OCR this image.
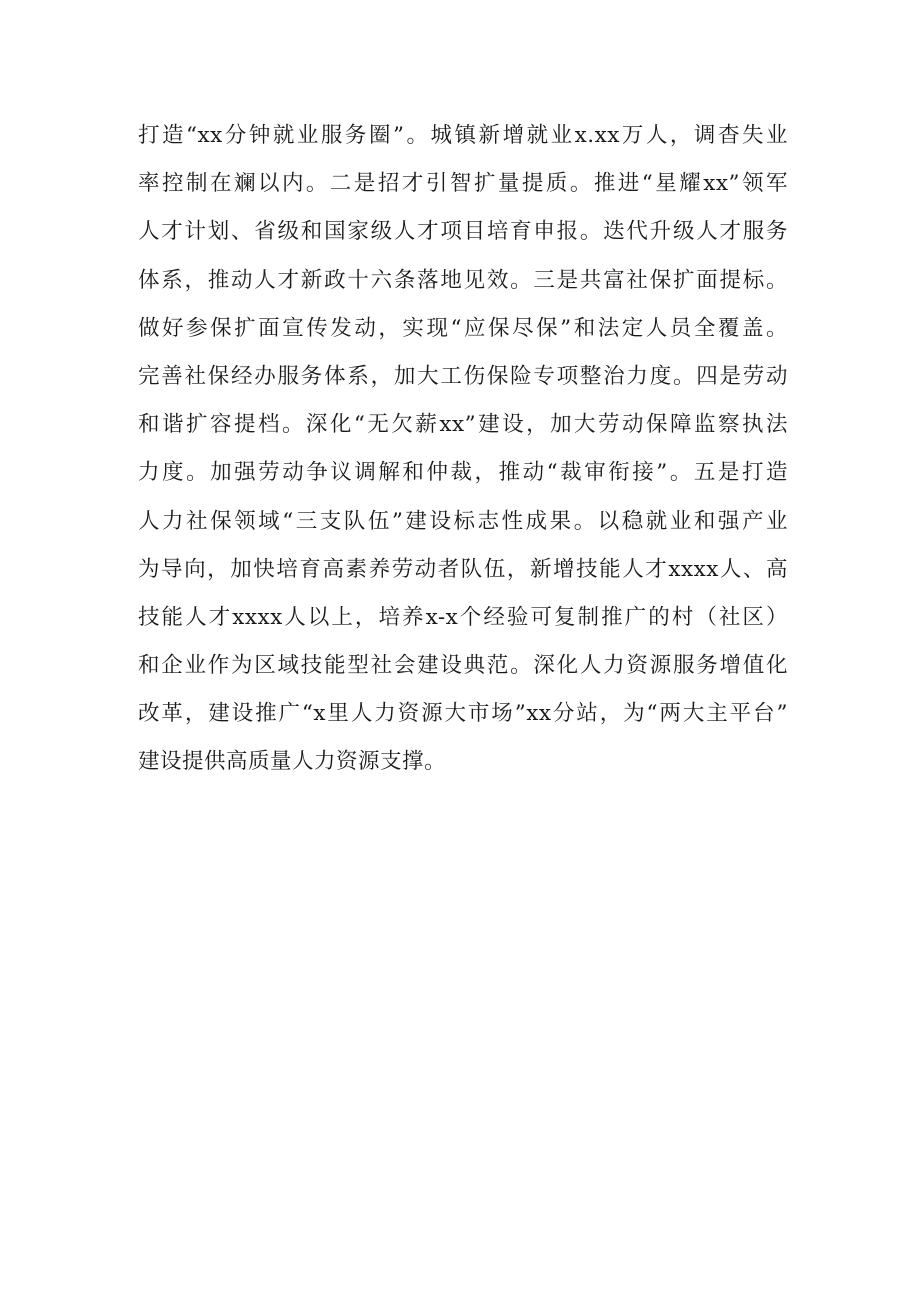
打造“xx分钟就业服务圈”。城镇新增就业x.xx万人，调杳失业
率控制在斓以内。二是招才引智扩量提质。推进“星耀xx”领军
人才计划、省级和国家级人才项目培育申报。迭代升级人才服务
体系，推动人才新政十六条落地见效。三是共富社保扩面提标。
做好参保扩面宣传发动，实现“应保尽保”和法定人员全覆盖。
完善社保经办服务体系，加大工伤保险专项整治力度。四是劳动
和谐扩容提档。深化“无欠薪xx”建设，加大劳动保障监察执法
力度。加强劳动争议调解和仲裁，推动“裁审衔接”。五是打造
人力社保领域“三支队伍”建设标志性成果。以稳就业和强产业
为导向，加快培育高素养劳动者队伍，新增技能人才xxxx人、高
技能人才xxxx人以上，培养x-x个经验可复制推广的村（社区）
和企业作为区域技能型社会建设典范。深化人力资源服务增值化
改革，建设推广“x里人力资源大市场”xx分站，为“两大主平台”
建设提供高质量人力资源支撑。
